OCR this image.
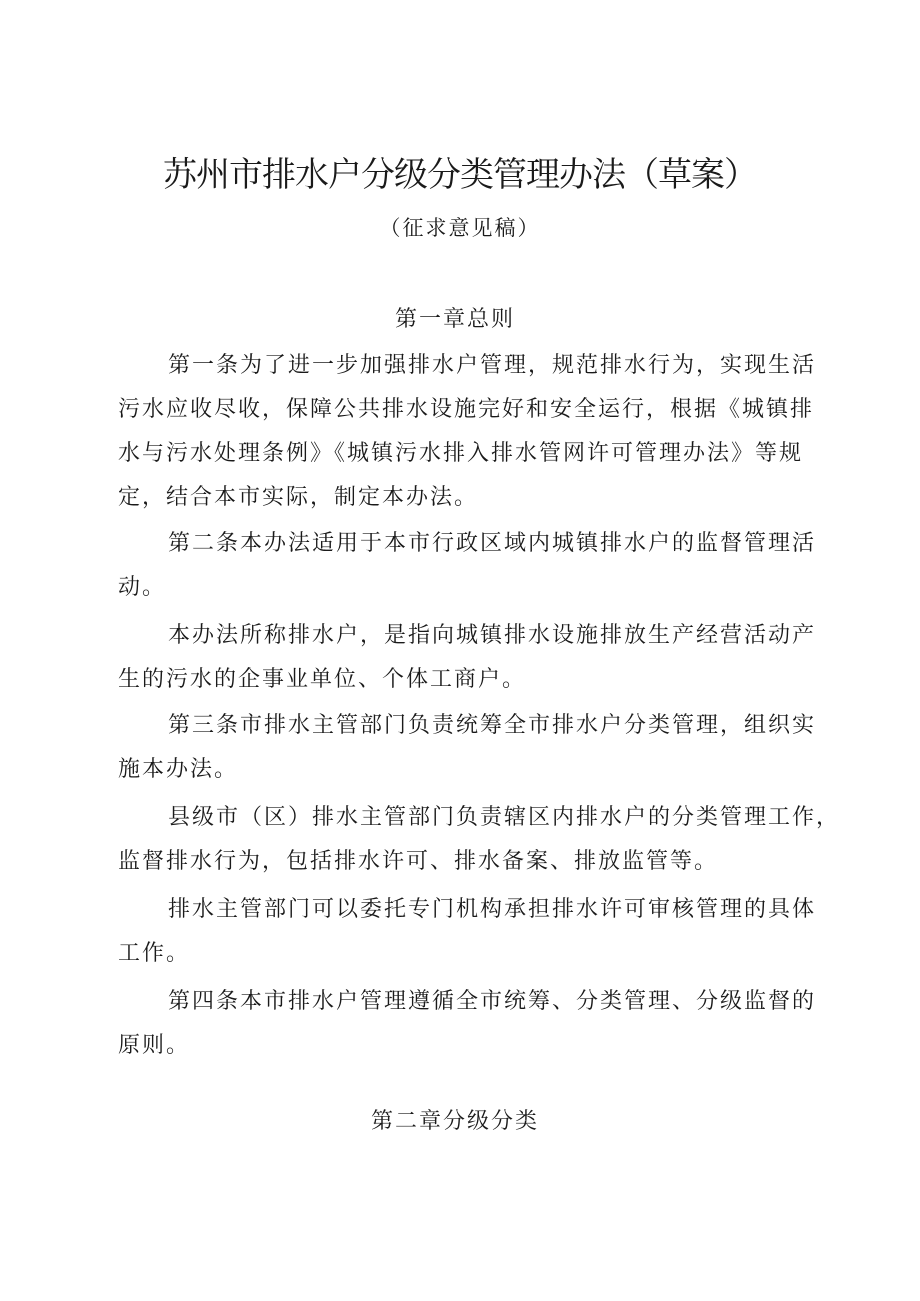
苏州市排水户分级分类管理办法（草案）
（征求意见稿）
第一章总则
第一条为了进一步加强排水户管理，规范排水行为，实现生活
污水应收尽收，保障公共排水设施完好和安全运行，根据《城镇排
水与污水处理条例》《城镇污水排入排水管网许可管理办法》等规
定，结合本市实际，制定本办法。
第二条本办法适用于本市行政区域内城镇排水户的监督管理活
动。
本办法所称排水户，是指向城镇排水设施排放生产经营活动产
生的污水的企事业单位、个体工商户。
第三条市排水主管部门负责统筹全市排水户分类管理，组织实
施本办法。
县级市（区）排水主管部门负责辖区内排水户的分类管理工作，
监督排水行为，包括排水许可、排水备案、排放监管等。
排水主管部门可以委托专门机构承担排水许可审核管理的具体
工作。
第四条本市排水户管理遵循全市统筹、分类管理、分级监督的
原则。
第二章分级分类
